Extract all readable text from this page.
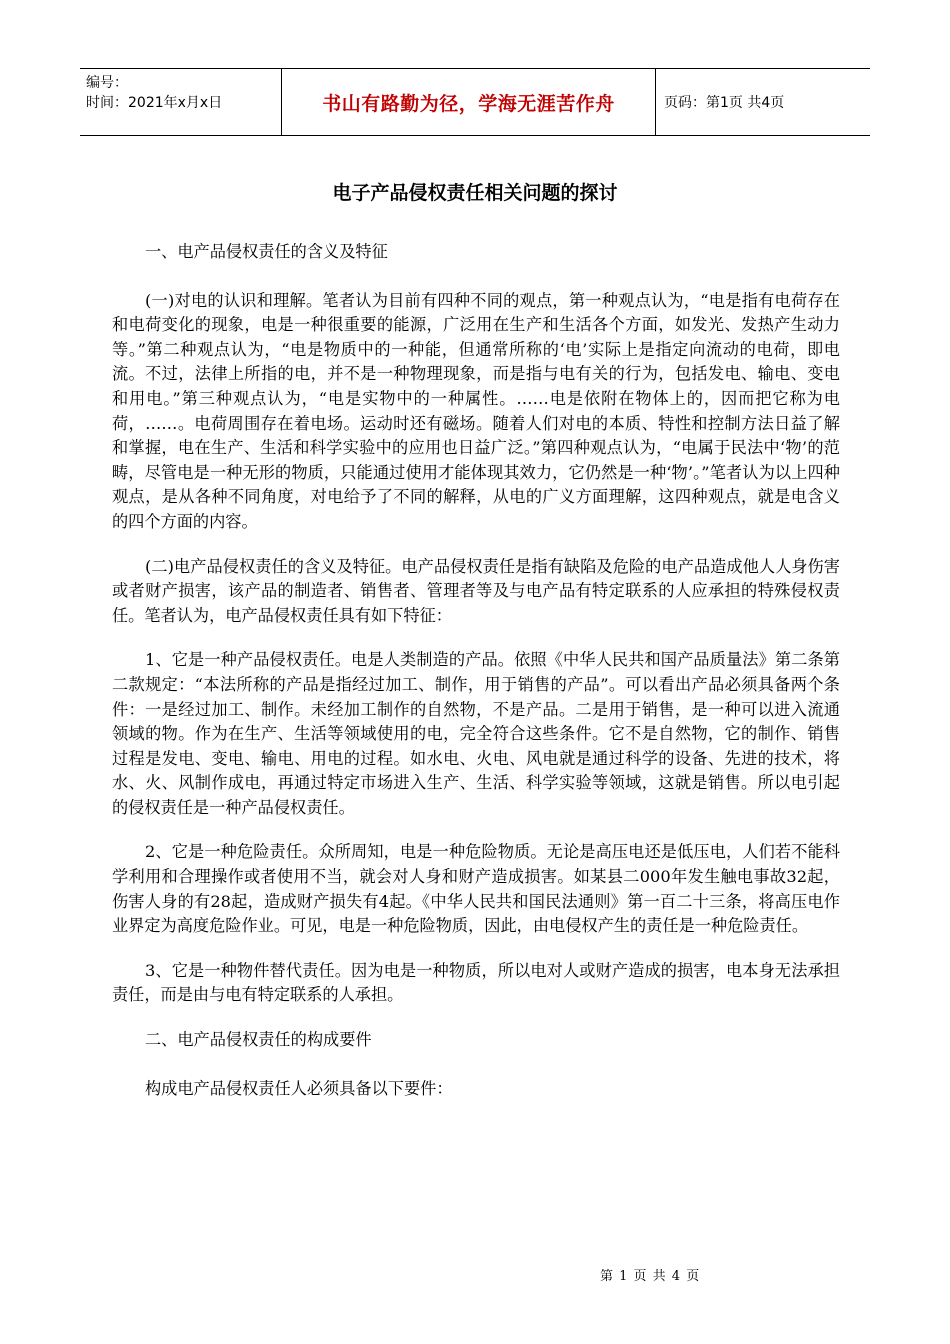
编号：
时间：2021年x月x日	书山有路勤为径，学海无涯苦作舟	页码：第1页 共4页
电子产品侵权责任相关问题的探讨

一、电产品侵权责任的含义及特征

(一)对电的认识和理解。笔者认为目前有四种不同的观点，第一种观点认为，“电是指有电荷存在和电荷变化的现象，电是一种很重要的能源，广泛用在生产和生活各个方面，如发光、发热产生动力等。”第二种观点认为，“电是物质中的一种能，但通常所称的‘电’实际上是指定向流动的电荷，即电流。不过，法律上所指的电，并不是一种物理现象，而是指与电有关的行为，包括发电、输电、变电和用电。”第三种观点认为，“电是实物中的一种属性。……电是依附在物体上的，因而把它称为电荷，……。电荷周围存在着电场。运动时还有磁场。随着人们对电的本质、特性和控制方法日益了解和掌握，电在生产、生活和科学实验中的应用也日益广泛。”第四种观点认为，“电属于民法中‘物’的范畴，尽管电是一种无形的物质，只能通过使用才能体现其效力，它仍然是一种‘物’。”笔者认为以上四种观点，是从各种不同角度，对电给予了不同的解释，从电的广义方面理解，这四种观点，就是电含义的四个方面的内容。

(二)电产品侵权责任的含义及特征。电产品侵权责任是指有缺陷及危险的电产品造成他人人身伤害或者财产损害，该产品的制造者、销售者、管理者等及与电产品有特定联系的人应承担的特殊侵权责任。笔者认为，电产品侵权责任具有如下特征：

1、它是一种产品侵权责任。电是人类制造的产品。依照《中华人民共和国产品质量法》第二条第二款规定：“本法所称的产品是指经过加工、制作，用于销售的产品”。可以看出产品必须具备两个条件：一是经过加工、制作。未经加工制作的自然物，不是产品。二是用于销售，是一种可以进入流通领域的物。作为在生产、生活等领域使用的电，完全符合这些条件。它不是自然物，它的制作、销售过程是发电、变电、输电、用电的过程。如水电、火电、风电就是通过科学的设备、先进的技术，将水、火、风制作成电，再通过特定市场进入生产、生活、科学实验等领域，这就是销售。所以电引起的侵权责任是一种产品侵权责任。

2、它是一种危险责任。众所周知，电是一种危险物质。无论是高压电还是低压电，人们若不能科学利用和合理操作或者使用不当，就会对人身和财产造成损害。如某县二000年发生触电事故32起，伤害人身的有28起，造成财产损失有4起。《中华人民共和国民法通则》第一百二十三条，将高压电作业界定为高度危险作业。可见，电是一种危险物质，因此，由电侵权产生的责任是一种危险责任。

3、它是一种物件替代责任。因为电是一种物质，所以电对人或财产造成的损害，电本身无法承担责任，而是由与电有特定联系的人承担。

二、电产品侵权责任的构成要件

构成电产品侵权责任人必须具备以下要件：

第 1 页 共 4 页
